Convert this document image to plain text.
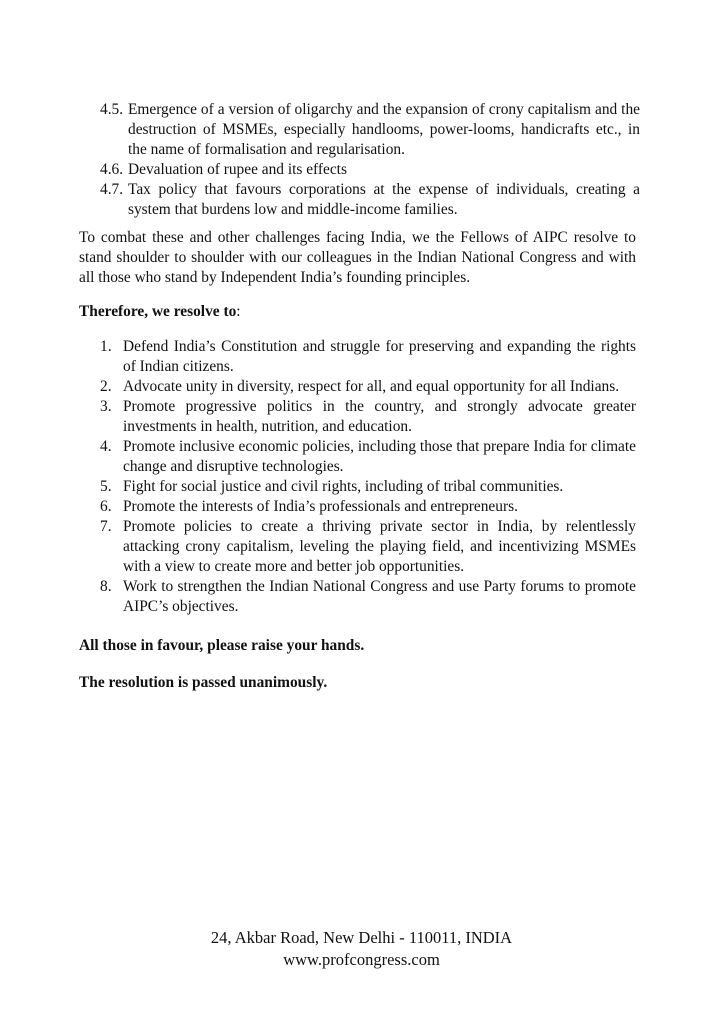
4.5. Emergence of a version of oligarchy and the expansion of crony capitalism and the destruction of MSMEs, especially handlooms, power-looms, handicrafts etc., in the name of formalisation and regularisation.
4.6. Devaluation of rupee and its effects
4.7. Tax policy that favours corporations at the expense of individuals, creating a system that burdens low and middle-income families.

To combat these and other challenges facing India, we the Fellows of AIPC resolve to stand shoulder to shoulder with our colleagues in the Indian National Congress and with all those who stand by Independent India’s founding principles.

Therefore, we resolve to:

1. Defend India’s Constitution and struggle for preserving and expanding the rights of Indian citizens.
2. Advocate unity in diversity, respect for all, and equal opportunity for all Indians.
3. Promote progressive politics in the country, and strongly advocate greater investments in health, nutrition, and education.
4. Promote inclusive economic policies, including those that prepare India for climate change and disruptive technologies.
5. Fight for social justice and civil rights, including of tribal communities.
6. Promote the interests of India’s professionals and entrepreneurs.
7. Promote policies to create a thriving private sector in India, by relentlessly attacking crony capitalism, leveling the playing field, and incentivizing MSMEs with a view to create more and better job opportunities.
8. Work to strengthen the Indian National Congress and use Party forums to promote AIPC’s objectives.

All those in favour, please raise your hands.

The resolution is passed unanimously.

24, Akbar Road, New Delhi - 110011, INDIA
www.profcongress.com
